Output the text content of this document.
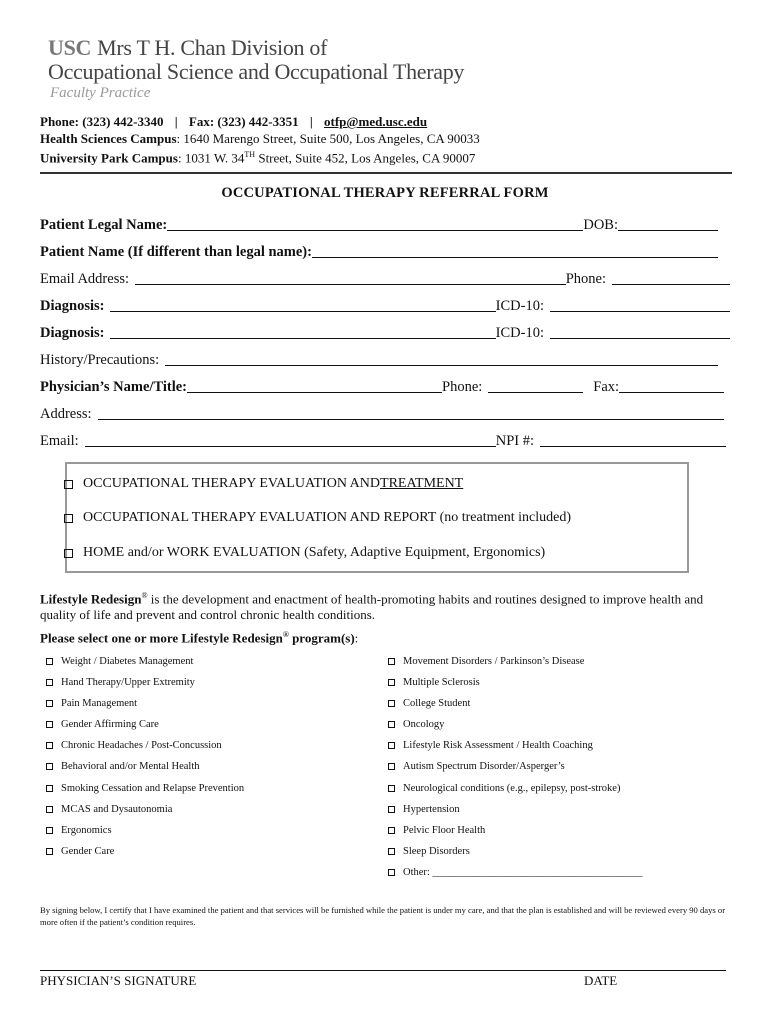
USC Mrs T H. Chan Division of
Occupational Science and Occupational Therapy
Faculty Practice
Phone: (323) 442-3340 | Fax: (323) 442-3351 | otfp@med.usc.edu
Health Sciences Campus: 1640 Marengo Street, Suite 500, Los Angeles, CA 90033
University Park Campus: 1031 W. 34TH Street, Suite 452, Los Angeles, CA 90007
OCCUPATIONAL THERAPY REFERRAL FORM
Patient Legal Name:	DOB:
Patient Name (If different than legal name):
Email Address:	Phone:
Diagnosis:	ICD-10:
Diagnosis:	ICD-10:
History/Precautions:
Physician’s Name/Title:	Phone:	Fax:
Address:
Email:	NPI #:
OCCUPATIONAL THERAPY EVALUATION AND TREATMENT
OCCUPATIONAL THERAPY EVALUATION AND REPORT (no treatment included)
HOME and/or WORK EVALUATION (Safety, Adaptive Equipment, Ergonomics)
Lifestyle Redesign® is the development and enactment of health-promoting habits and routines designed to improve health and quality of life and prevent and control chronic health conditions.
Please select one or more Lifestyle Redesign® program(s):
Weight / Diabetes Management
Hand Therapy/Upper Extremity
Pain Management
Gender Affirming Care
Chronic Headaches / Post-Concussion
Behavioral and/or Mental Health
Smoking Cessation and Relapse Prevention
MCAS and Dysautonomia
Ergonomics
Gender Care
Movement Disorders / Parkinson’s Disease
Multiple Sclerosis
College Student
Oncology
Lifestyle Risk Assessment / Health Coaching
Autism Spectrum Disorder/Asperger’s
Neurological conditions (e.g., epilepsy, post-stroke)
Hypertension
Pelvic Floor Health
Sleep Disorders
Other: ________________________________________
By signing below, I certify that I have examined the patient and that services will be furnished while the patient is under my care, and that the plan is established and will be reviewed every 90 days or more often if the patient’s condition requires.
PHYSICIAN’S SIGNATURE	DATE
